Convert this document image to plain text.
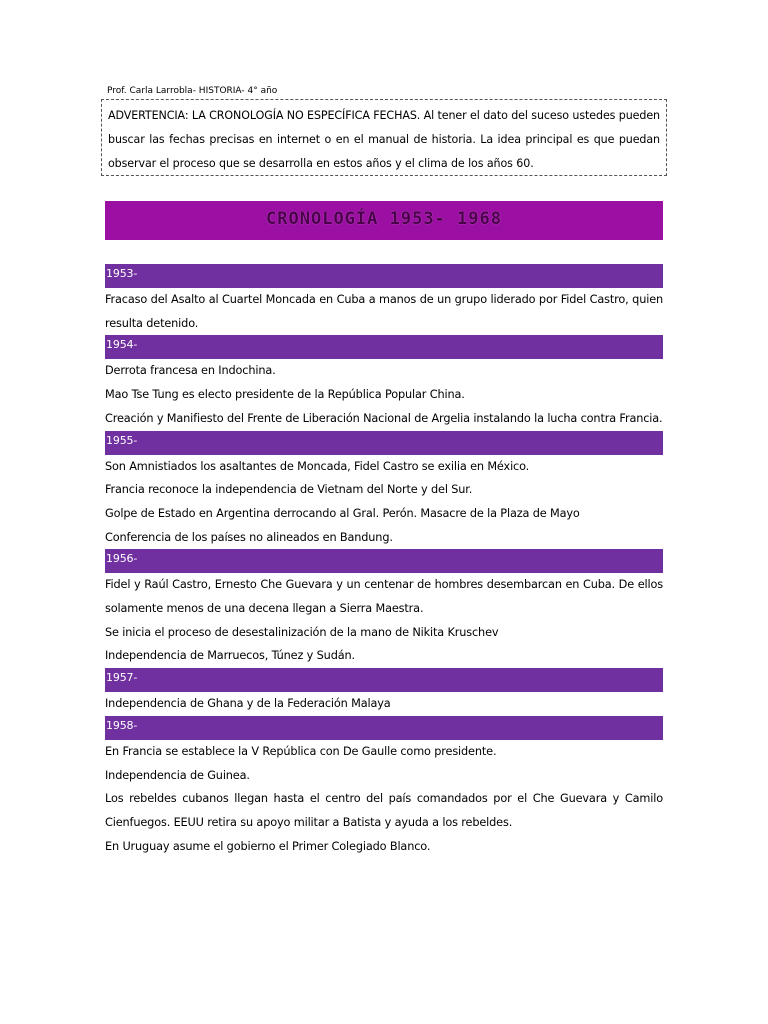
Prof. Carla Larrobla- HISTORIA- 4° año
ADVERTENCIA: LA CRONOLOGÍA NO ESPECÍFICA FECHAS. Al tener el dato del suceso ustedes pueden buscar las fechas precisas en internet o en el manual de historia. La idea principal es que puedan observar el proceso que se desarrolla en estos años y el clima de los años 60.
CRONOLOGÍA 1953- 1968
1953-
Fracaso del Asalto al Cuartel Moncada en Cuba a manos de un grupo liderado por Fidel Castro, quien resulta detenido.
1954-
Derrota francesa en Indochina.
Mao Tse Tung es electo presidente de la República Popular China.
Creación y Manifiesto del Frente de Liberación Nacional de Argelia instalando la lucha contra Francia.
1955-
Son Amnistiados los asaltantes de Moncada, Fidel Castro se exilia en México.
Francia reconoce la independencia de Vietnam del Norte y del Sur.
Golpe de Estado en Argentina derrocando al Gral. Perón. Masacre de la Plaza de Mayo
Conferencia de los países no alineados en Bandung.
1956-
Fidel y Raúl Castro, Ernesto Che Guevara y un centenar de hombres desembarcan en Cuba. De ellos solamente menos de una decena llegan a Sierra Maestra.
Se inicia el proceso de desestalinización de la mano de Nikita Kruschev
Independencia de Marruecos, Túnez y Sudán.
1957-
Independencia de Ghana y de la Federación Malaya
1958-
En Francia se establece la V República con De Gaulle como presidente.
Independencia de Guinea.
Los rebeldes cubanos llegan hasta el centro del país comandados por el Che Guevara y Camilo Cienfuegos. EEUU retira su apoyo militar a Batista y ayuda a los rebeldes.
En Uruguay asume el gobierno el Primer Colegiado Blanco.
